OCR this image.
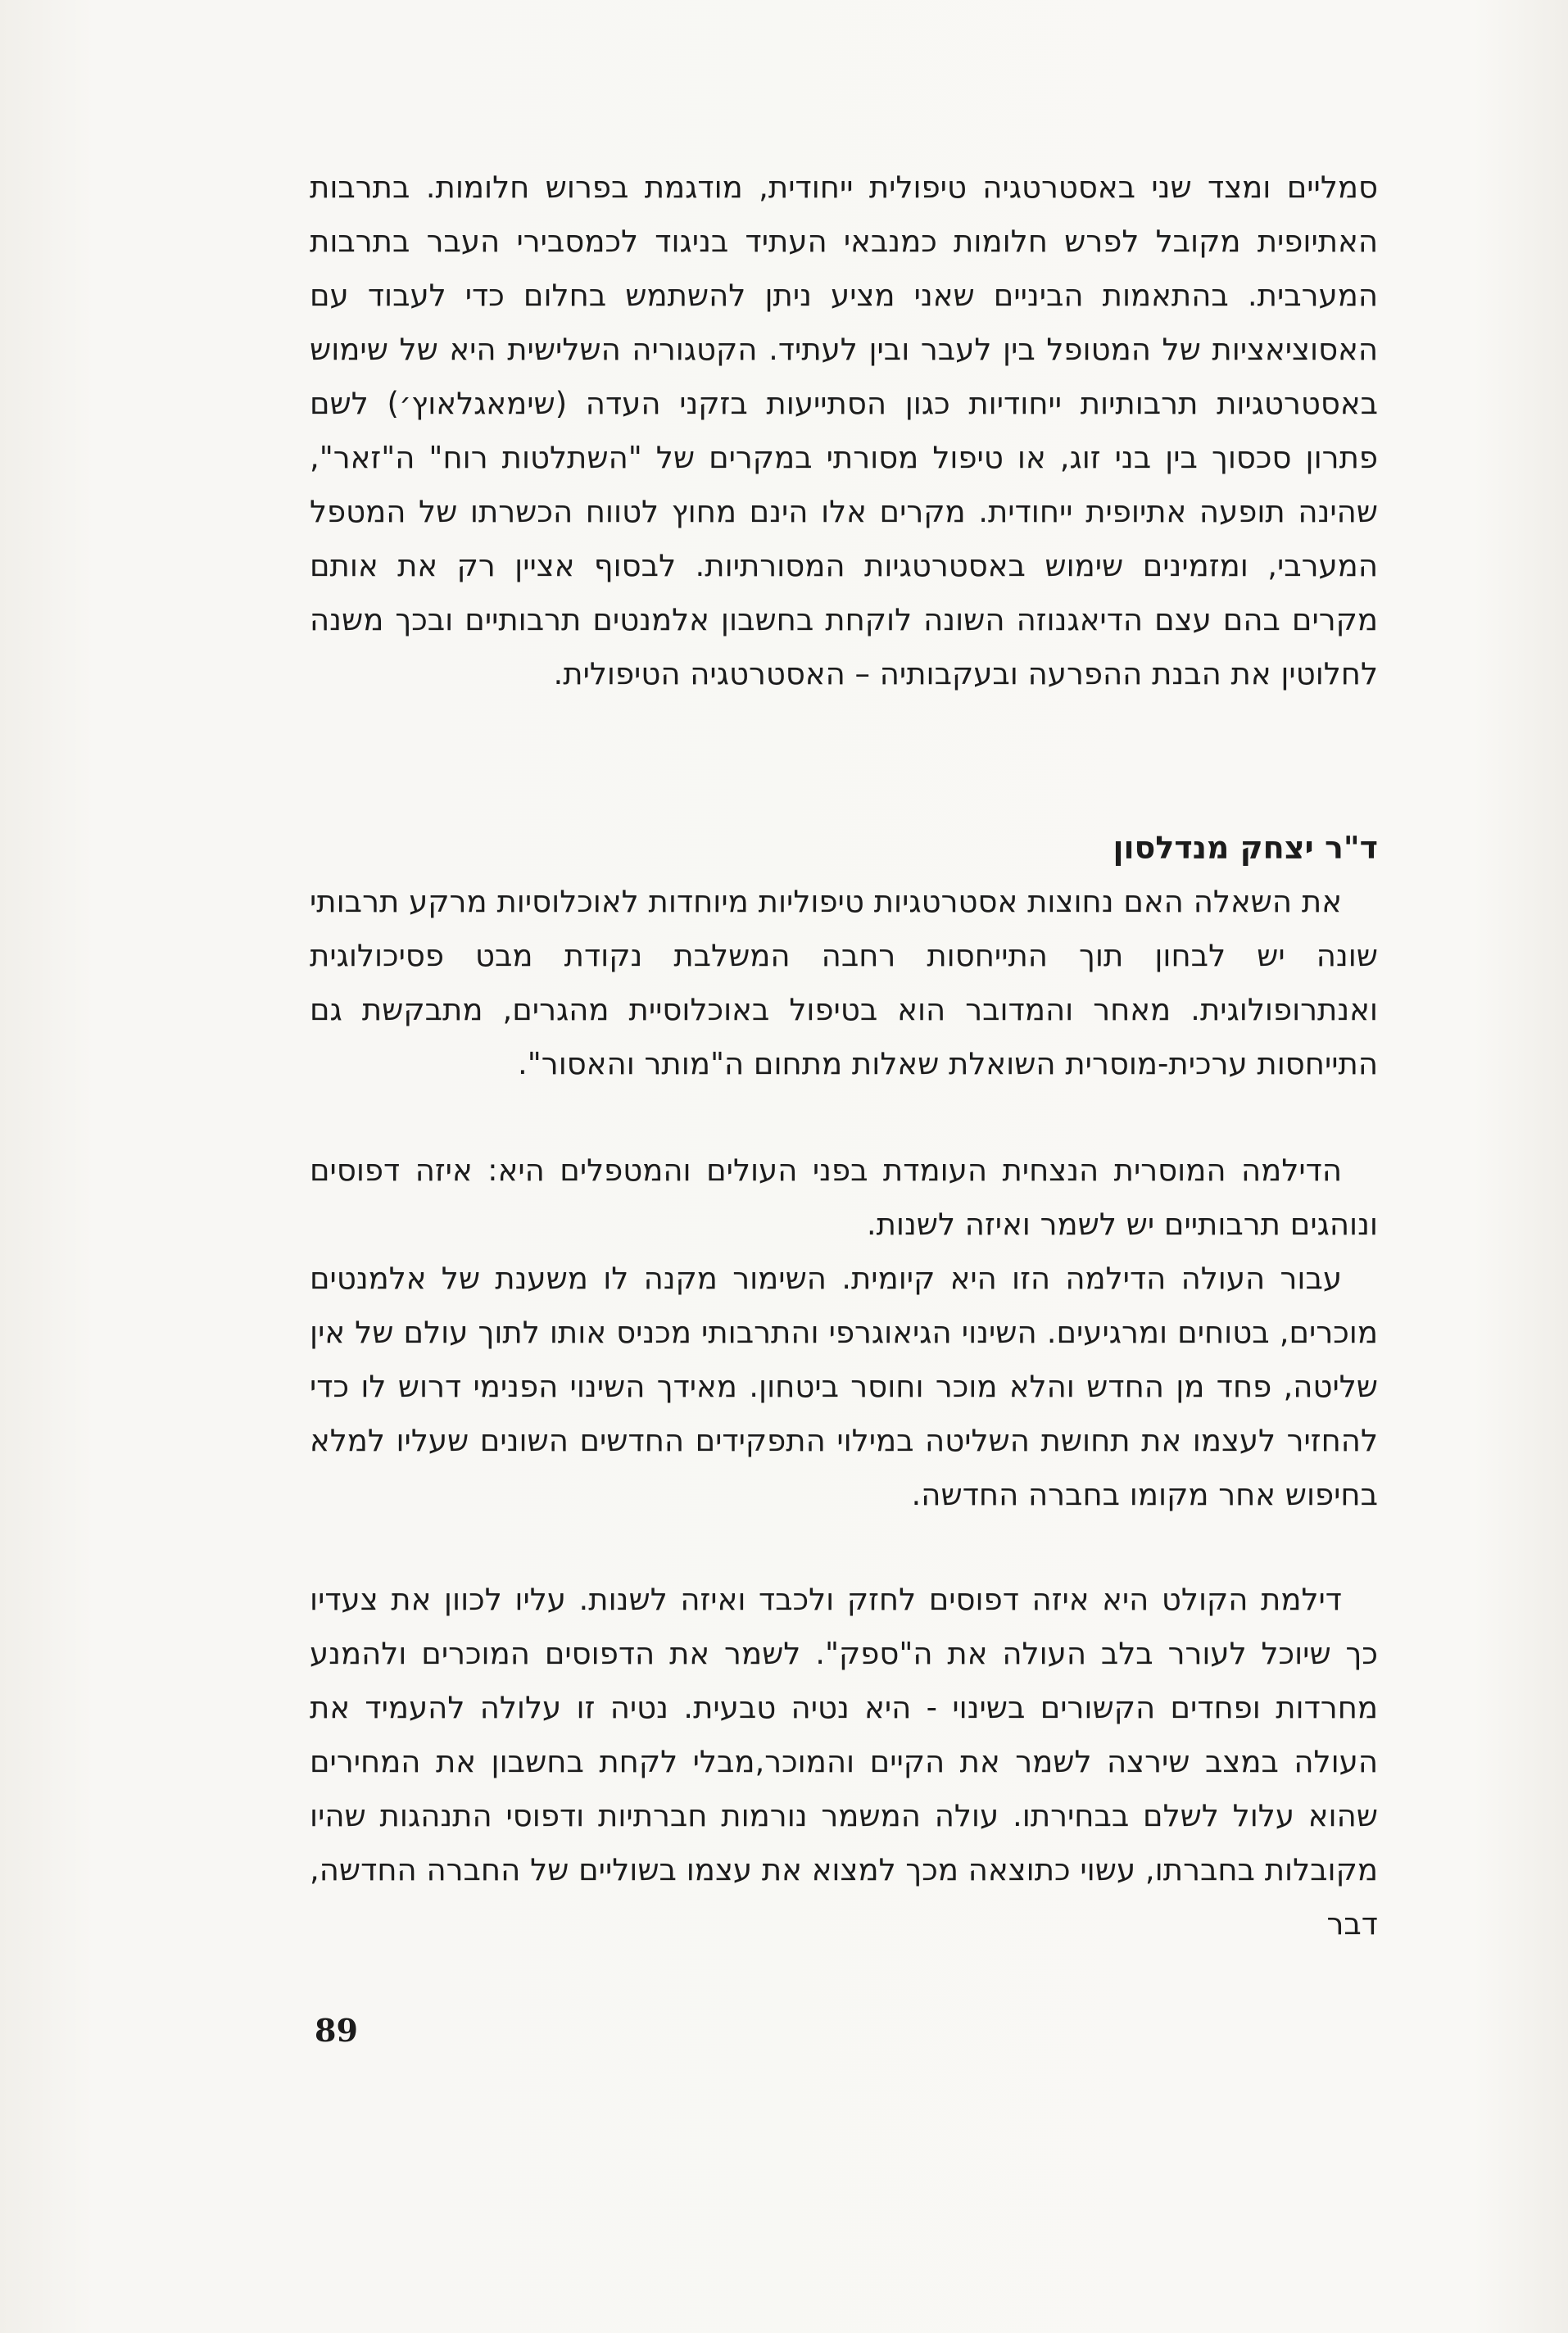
סמליים ומצד שני באסטרטגיה טיפולית ייחודית, מודגמת בפרוש חלומות. בתרבות האתיופית מקובל לפרש חלומות כמנבאי העתיד בניגוד לכמסבירי העבר בתרבות המערבית. בהתאמות הביניים שאני מציע ניתן להשתמש בחלום כדי לעבוד עם האסוציאציות של המטופל בין לעבר ובין לעתיד. הקטגוריה השלישית היא של שימוש באסטרטגיות תרבותיות ייחודיות כגון הסתייעות בזקני העדה (שימאגלאוץ׳) לשם פתרון סכסוך בין בני זוג, או טיפול מסורתי במקרים של "השתלטות רוח" ה"זאר", שהינה תופעה אתיופית ייחודית. מקרים אלו הינם מחוץ לטווח הכשרתו של המטפל המערבי, ומזמינים שימוש באסטרטגיות המסורתיות. לבסוף אציין רק את אותם מקרים בהם עצם הדיאגנוזה השונה לוקחת בחשבון אלמנטים תרבותיים ובכך משנה לחלוטין את הבנת ההפרעה ובעקבותיה – האסטרטגיה הטיפולית.

ד"ר יצחק מנדלסון

את השאלה האם נחוצות אסטרטגיות טיפוליות מיוחדות לאוכלוסיות מרקע תרבותי שונה יש לבחון תוך התייחסות רחבה המשלבת נקודת מבט פסיכולוגית ואנתרופולוגית. מאחר והמדובר הוא בטיפול באוכלוסיית מהגרים, מתבקשת גם התייחסות ערכית-מוסרית השואלת שאלות מתחום ה"מותר והאסור".

הדילמה המוסרית הנצחית העומדת בפני העולים והמטפלים היא: איזה דפוסים ונוהגים תרבותיים יש לשמר ואיזה לשנות.

עבור העולה הדילמה הזו היא קיומית. השימור מקנה לו משענת של אלמנטים מוכרים, בטוחים ומרגיעים. השינוי הגיאוגרפי והתרבותי מכניס אותו לתוך עולם של אין שליטה, פחד מן החדש והלא מוכר וחוסר ביטחון. מאידך השינוי הפנימי דרוש לו כדי להחזיר לעצמו את תחושת השליטה במילוי התפקידים החדשים השונים שעליו למלא בחיפוש אחר מקומו בחברה החדשה.

דילמת הקולט היא איזה דפוסים לחזק ולכבד ואיזה לשנות. עליו לכוון את צעדיו כך שיוכל לעורר בלב העולה את ה"ספק". לשמר את הדפוסים המוכרים ולהמנע מחרדות ופחדים הקשורים בשינוי - היא נטיה טבעית. נטיה זו עלולה להעמיד את העולה במצב שירצה לשמר את הקיים והמוכר,מבלי לקחת בחשבון את המחירים שהוא עלול לשלם בבחירתו. עולה המשמר נורמות חברתיות ודפוסי התנהגות שהיו מקובלות בחברתו, עשוי כתוצאה מכך למצוא את עצמו בשוליים של החברה החדשה, דבר

89
